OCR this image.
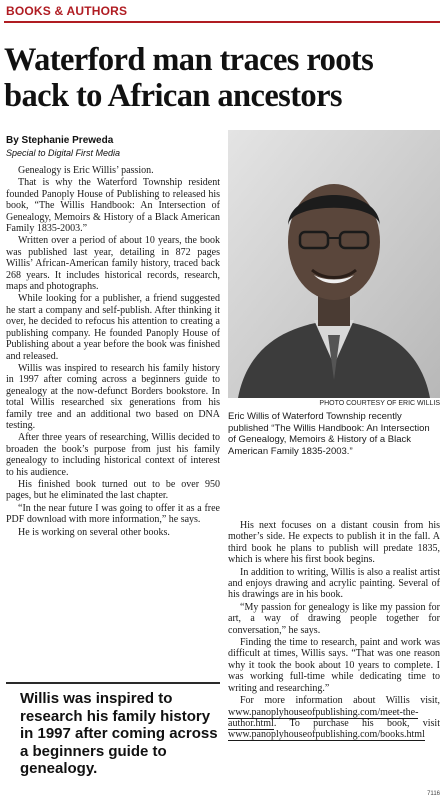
BOOKS & AUTHORS
Waterford man traces roots
back to African ancestors
By Stephanie Preweda
Special to Digital First Media

Genealogy is Eric Willis’ passion.

That is why the Waterford Township resident founded Panoply House of Publishing to released his book, “The Willis Handbook: An Intersection of Genealogy, Memoirs & History of a Black American Family 1835-2003.”

Written over a period of about 10 years, the book was published last year, detailing in 872 pages Willis’ African-American family history, traced back 268 years. It includes historical records, research, maps and photographs.

While looking for a publisher, a friend suggested he start a company and self-publish. After thinking it over, he decided to refocus his attention to creating a publishing company. He founded Panoply House of Publishing about a year before the book was finished and released.

Willis was inspired to research his family history in 1997 after coming across a beginners guide to genealogy at the now-defunct Borders bookstore. In total Willis researched six generations from his family tree and an additional two based on DNA testing.

After three years of researching, Willis decided to broaden the book’s purpose from just his family genealogy to including historical context of interest to his audience.

His finished book turned out to be over 950 pages, but he eliminated the last chapter.

“In the near future I was going to offer it as a free PDF download with more information,” he says.

He is working on several other books.

PHOTO COURTESY OF ERIC WILLIS
Eric Willis of Waterford Township recently published “The Willis Handbook: An Intersection of Genealogy, Memoirs & History of a Black American Family 1835-2003.”

His next focuses on a distant cousin from his mother’s side. He expects to publish it in the fall. A third book he plans to publish will predate 1835, which is where his first book begins.

In addition to writing, Willis is also a realist artist and enjoys drawing and acrylic painting. Several of his drawings are in his book.

“My passion for genealogy is like my passion for art, a way of drawing people together for conversation,” he says.

Finding the time to research, paint and work was difficult at times, Willis says. “That was one reason why it took the book about 10 years to complete. I was working full-time while dedicating time to writing and researching.”

For more information about Willis visit, www.panoplyhouseofpublishing.com/meet-the-author.html. To purchase his book, visit www.panoplyhouseofpublishing.com/books.html

Willis was inspired to research his family history in 1997 after coming across a beginners guide to genealogy.
7116
